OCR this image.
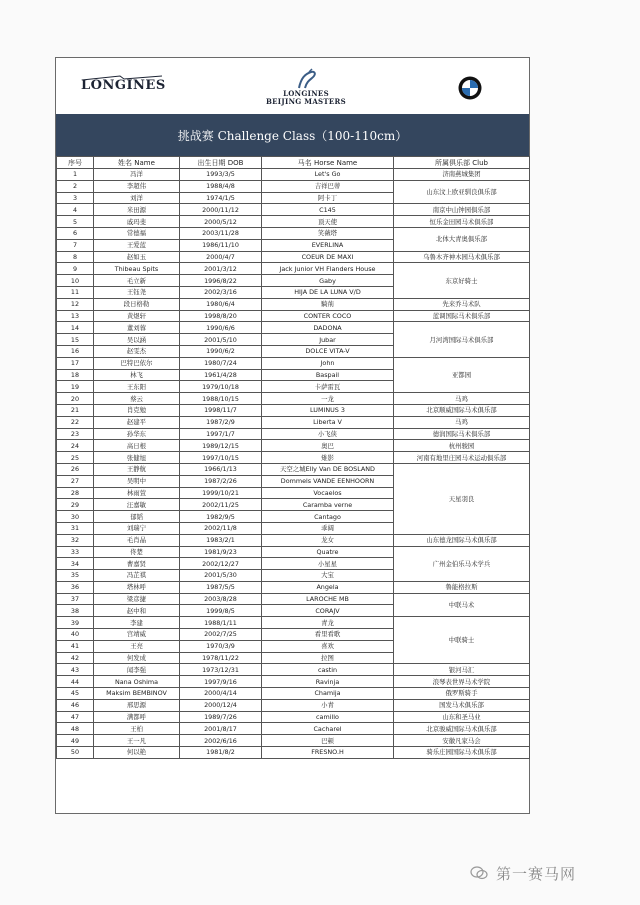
LONGINES
LONGINES
BEIJING MASTERS
挑战赛 Challenge Class（100-110cm）
序号	姓名 Name	出生日期 DOB	马名 Horse Name	所属俱乐部 Club
1	冯洋	1993/3/5	Let's Go	济南燕城集团
2	李超伟	1988/4/8	吉祥巴蒂	山东汶上欧亚驯良俱乐部
3	刘洋	1974/1/5	阿卡丁	
4	米田源	2000/11/12	C145	南京中山钟园俱乐部
5	戚玛斐	2000/5/12	顶天使	恒乐金田园马术俱乐部
6	常德福	2003/11/28	笑薇塔	北体大青奥俱乐部
7	王爱蓝	1986/11/10	EVERLINA	
8	赵如玉	2000/4/7	COEUR DE MAXI	乌鲁木齐神木园马术俱乐部
9	Thibeau Spits	2001/3/12	Jack Junior VH Flanders House	东京好骑士
10	毛立新	1996/8/22	Gaby	
11	王钰尧	2002/3/16	HIJA DE LA LUNA V/D	
12	段日格勒	1980/6/4	騎荊	先来乔马术队
13	黄煜轩	1998/8/20	CONTER COCO	蓝调国际马术俱乐部
14	董刘蓉	1990/6/6	DADONA	月河湾国际马术俱乐部
15	吴以涵	2001/5/10	Jubar	
16	赵雯杰	1990/6/2	DOLCE VITA-V	
17	巴特巴依尔	1980/7/24	John	亚都园
18	林飞	1961/4/28	Baspail	
19	王东阳	1979/10/18	卡萨雷瓦	
20	蔡云	1988/10/15	一龙	马鸡
21	肖克勉	1998/11/7	LUMINUS 3	北京顺威国际马术俱乐部
22	赵建平	1987/2/9	Liberta V	马鸡
23	孙华东	1997/1/7	小飞侠	德润国际马术俱乐部
24	高日根	1989/12/15	奥巴	杭州骏园
25	张健旭	1997/10/15	雉影	河南有地里庄园马术运动俱乐部
26	王静航	1966/1/13	天空之城Elly Van DE BOSLAND	天星羽良
27	吴明中	1987/2/26	Dommels VANDE EENHOORN	
28	林雨萱	1999/10/21	Vocaelos	
29	汪嘉敏	2002/11/25	Caramba verne	
30	郁韬	1982/9/5	Cantago	
31	刘瑞宁	2002/11/8	乖阔	
32	毛肖晶	1983/2/1	龙女	山东德龙国际马术俱乐部
33	佟楚	1981/9/23	Quatre	广州金伯乐马术学兵
34	曹嘉贤	2002/12/27	小星星	
35	冯芷祺	2001/5/30	大宝	
36	塔林呼	1987/5/5	Angela	鲁能格拉斯
37	梁彦捷	2003/8/28	LAROCHE MB	中联马术
38	赵中和	1999/8/5	CORAJV	
39	李建	1988/1/11	青龙	中联骑士
40	宫靖威	2002/7/25	看里看歌	
41	王亮	1970/3/9	喜欢	
42	何发成	1978/11/22	拉图	
43	闻李强	1973/12/31	castin	银河马汇
44	Nana Oshima	1997/9/16	Ravinja	浪琴表世界马术学院
45	Maksim BEMBINOV	2000/4/14	Chamija	俄罗斯骑手
46	邢思源	2000/12/4	小青	国发马术俱乐部
47	满都呼	1989/7/26	camillo	山东和圣马业
48	王柏	2001/8/17	Cacharel	北京骏威国际马术俱乐部
49	王一凡	2002/6/16	巴顿	安徽凡家马会
50	何以艳	1981/8/2	FRESNO.H	骑乐庄园国际马术俱乐部
第一赛马网
